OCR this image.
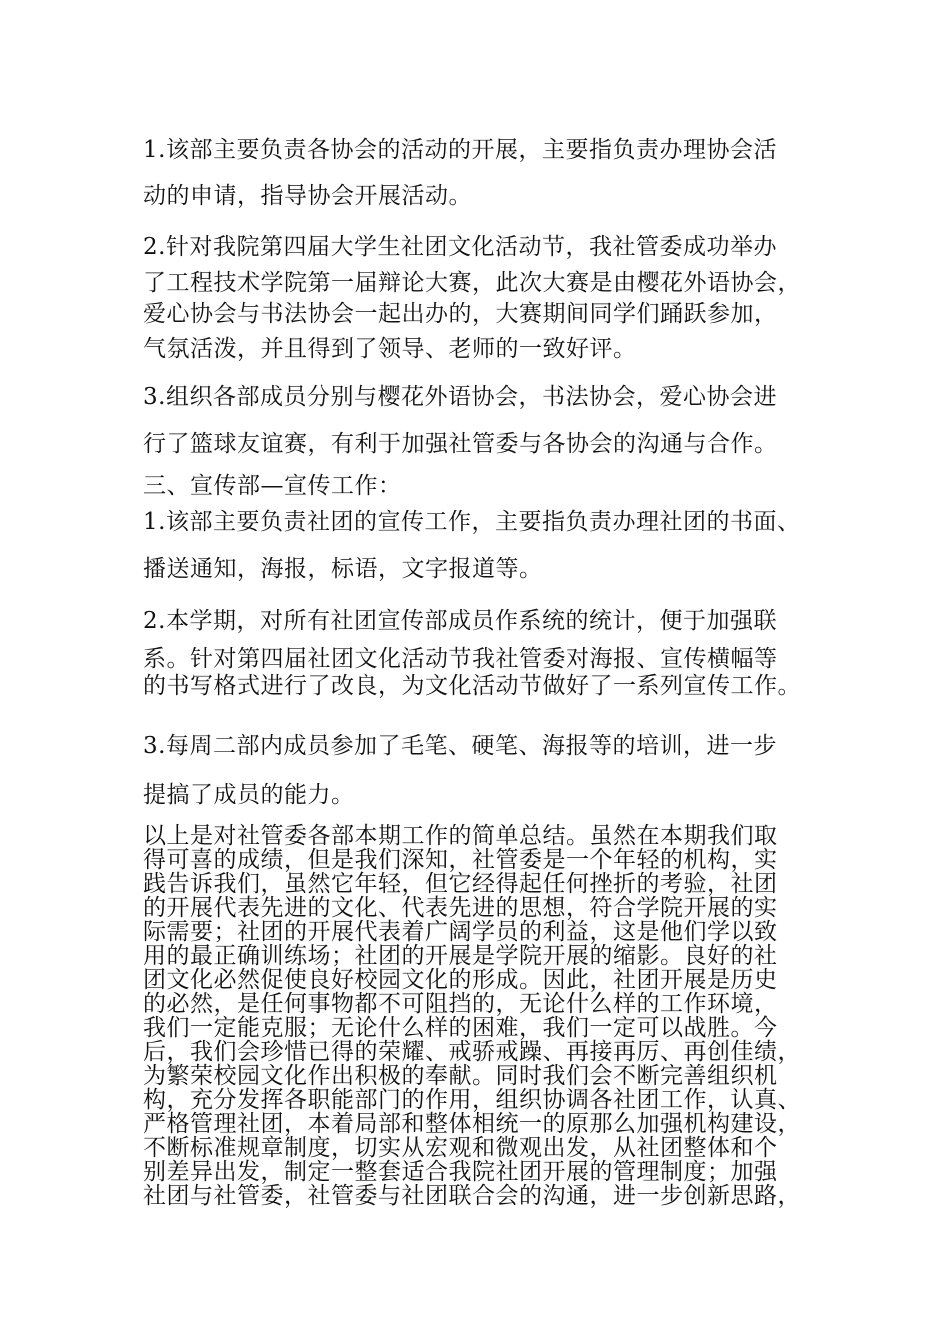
1.该部主要负责各协会的活动的开展，主要指负责办理协会活
动的申请，指导协会开展活动。
2.针对我院第四届大学生社团文化活动节，我社管委成功举办
了工程技术学院第一届辩论大赛，此次大赛是由樱花外语协会，
爱心协会与书法协会一起出办的，大赛期间同学们踊跃参加，
气氛活泼，并且得到了领导、老师的一致好评。
3.组织各部成员分别与樱花外语协会，书法协会，爱心协会进
行了篮球友谊赛，有利于加强社管委与各协会的沟通与合作。
三、宣传部—宣传工作：
1.该部主要负责社团的宣传工作，主要指负责办理社团的书面、
播送通知，海报，标语，文字报道等。
2.本学期，对所有社团宣传部成员作系统的统计，便于加强联
系。针对第四届社团文化活动节我社管委对海报、宣传横幅等
的书写格式进行了改良，为文化活动节做好了一系列宣传工作。
3.每周二部内成员参加了毛笔、硬笔、海报等的培训，进一步
提搞了成员的能力。
以上是对社管委各部本期工作的简单总结。虽然在本期我们取
得可喜的成绩，但是我们深知，社管委是一个年轻的机构，实
践告诉我们，虽然它年轻，但它经得起任何挫折的考验，社团
的开展代表先进的文化、代表先进的思想，符合学院开展的实
际需要；社团的开展代表着广阔学员的利益，这是他们学以致
用的最正确训练场；社团的开展是学院开展的缩影。良好的社
团文化必然促使良好校园文化的形成。因此，社团开展是历史
的必然，是任何事物都不可阻挡的，无论什么样的工作环境，
我们一定能克服；无论什么样的困难，我们一定可以战胜。今
后，我们会珍惜已得的荣耀、戒骄戒躁、再接再厉、再创佳绩，
为繁荣校园文化作出积极的奉献。同时我们会不断完善组织机
构，充分发挥各职能部门的作用，组织协调各社团工作，认真、
严格管理社团，本着局部和整体相统一的原那么加强机构建设，
不断标准规章制度，切实从宏观和微观出发，从社团整体和个
别差异出发，制定一整套适合我院社团开展的管理制度；加强
社团与社管委，社管委与社团联合会的沟通，进一步创新思路，
